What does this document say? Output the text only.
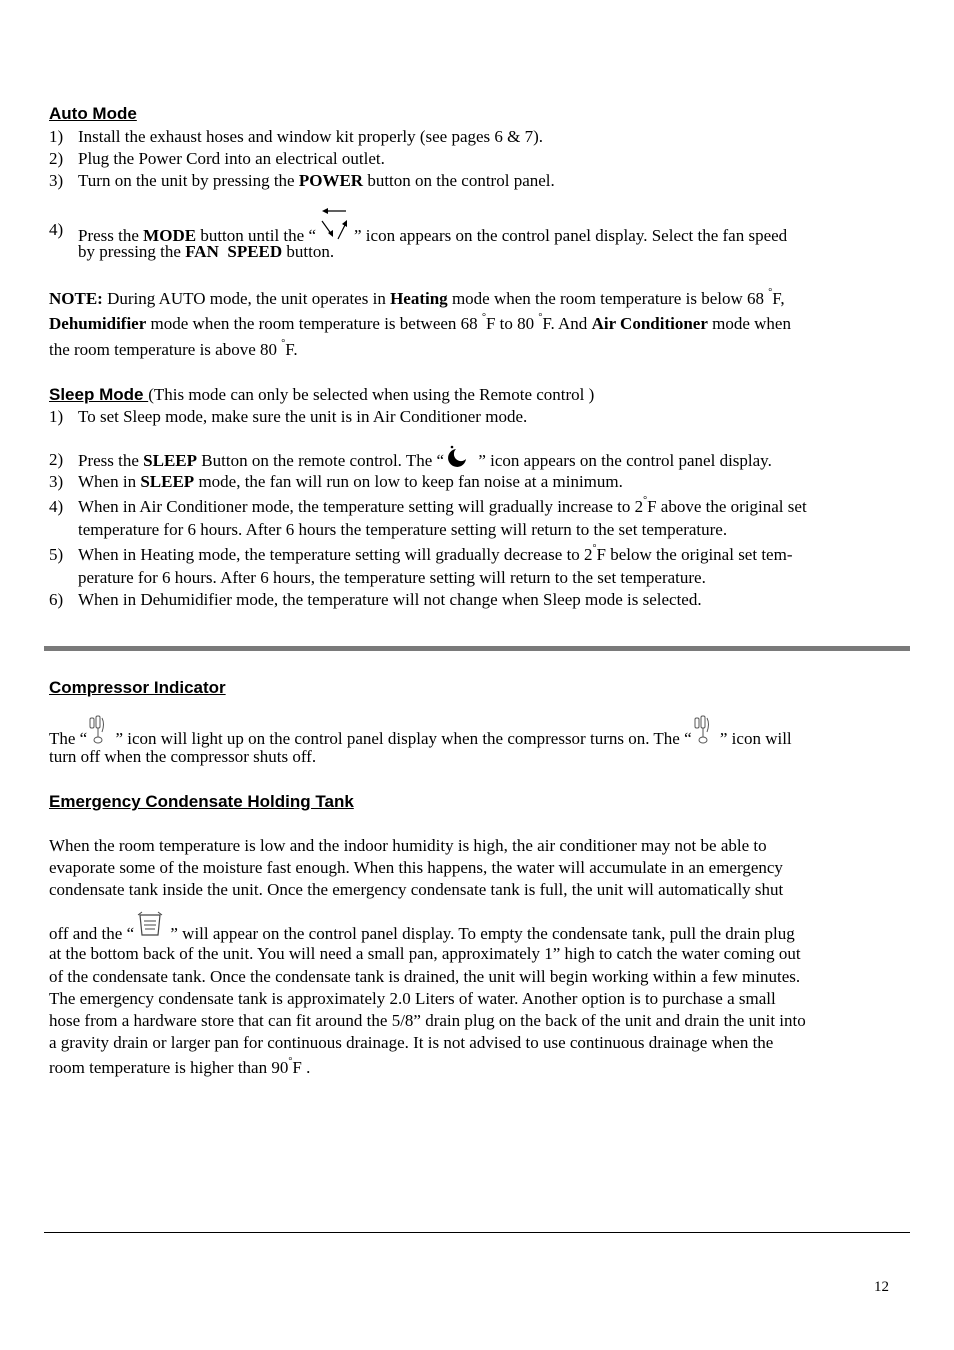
Auto Mode
1) Install the exhaust hoses and window kit properly (see pages 6 & 7).
2) Plug the Power Cord into an electrical outlet.
3) Turn on the unit by pressing the POWER button on the control panel.
4) Press the MODE button until the “ ” icon appears on the control panel display. Select the fan speed
by pressing the FAN  SPEED button.
NOTE: During AUTO mode, the unit operates in Heating mode when the room temperature is below 68 °F,
Dehumidifier mode when the room temperature is between 68 °F to 80 °F. And Air Conditioner mode when
the room temperature is above 80 °F.
Sleep Mode (This mode can only be selected when using the Remote control )
1) To set Sleep mode, make sure the unit is in Air Conditioner mode.
2) Press the SLEEP Button on the remote control. The “ ” icon appears on the control panel display.
3) When in SLEEP mode, the fan will run on low to keep fan noise at a minimum.
4) When in Air Conditioner mode, the temperature setting will gradually increase to 2°F above the original set
temperature for 6 hours. After 6 hours the temperature setting will return to the set temperature.
5) When in Heating mode, the temperature setting will gradually decrease to 2°F below the original set tem-
perature for 6 hours. After 6 hours, the temperature setting will return to the set temperature.
6) When in Dehumidifier mode, the temperature will not change when Sleep mode is selected.
Compressor Indicator
The “ ” icon will light up on the control panel display when the compressor turns on. The “ ” icon will
turn off when the compressor shuts off.
Emergency Condensate Holding Tank
When the room temperature is low and the indoor humidity is high, the air conditioner may not be able to
evaporate some of the moisture fast enough. When this happens, the water will accumulate in an emergency
condensate tank inside the unit. Once the emergency condensate tank is full, the unit will automatically shut
off and the “ ” will appear on the control panel display. To empty the condensate tank, pull the drain plug
at the bottom back of the unit. You will need a small pan, approximately 1” high to catch the water coming out
of the condensate tank. Once the condensate tank is drained, the unit will begin working within a few minutes.
The emergency condensate tank is approximately 2.0 Liters of water. Another option is to purchase a small
hose from a hardware store that can fit around the 5/8” drain plug on the back of the unit and drain the unit into
a gravity drain or larger pan for continuous drainage. It is not advised to use continuous drainage when the
room temperature is higher than 90°F .
12
